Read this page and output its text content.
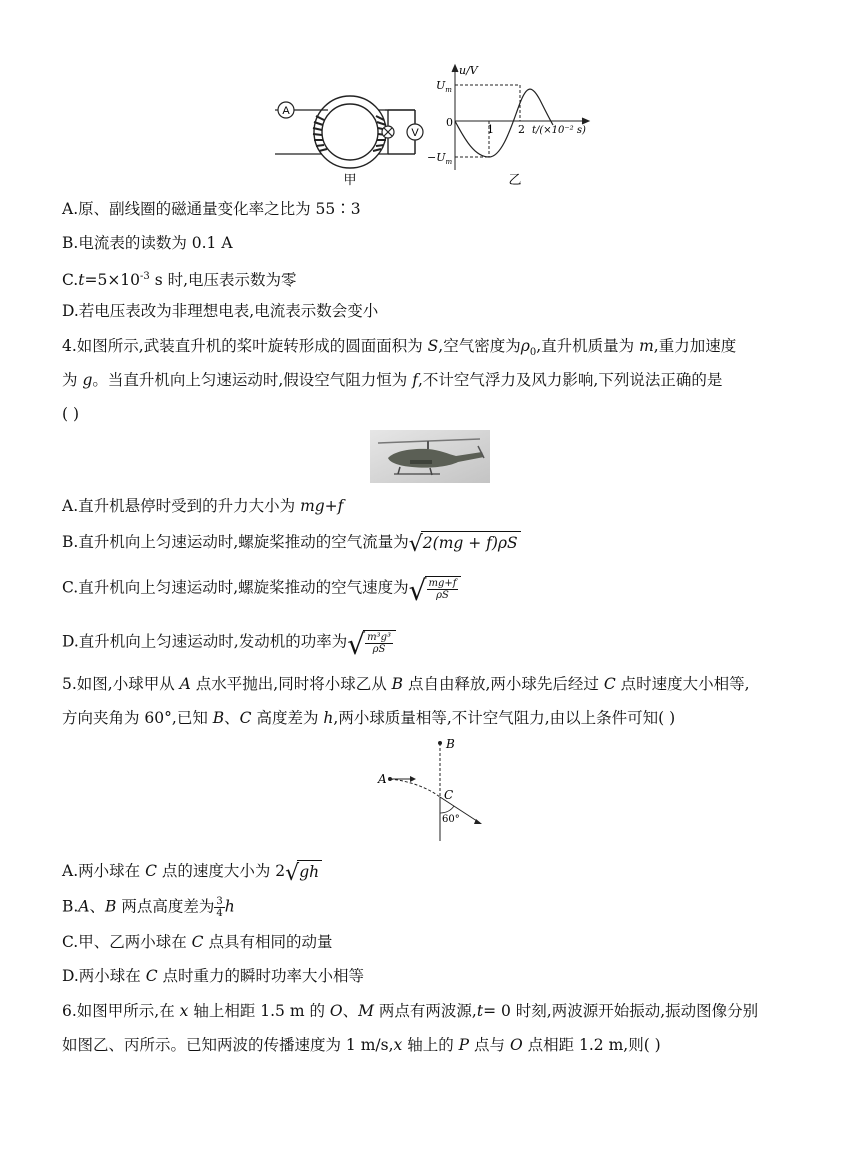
A
V
甲
u/V
$U_m$
$-U_m$
0
1 2 t/(×10⁻² s)
乙
A.原、副线圈的磁通量变化率之比为 55∶3
B.电流表的读数为 0.1 A
$C.t=5\times 10^{-3}$ s 时,电压表示数为零
D.若电压表改为非理想电表,电流表示数会变小
4.如图所示,武装直升机的桨叶旋转形成的圆面面积为 S,空气密度为$\rho_0$,直升机质量为 m,重力加速度
为 g。当直升机向上匀速运动时,假设空气阻力恒为 f,不计空气浮力及风力影响,下列说法正确的是
( )
A.直升机悬停时受到的升力大小为 mg+f
B.直升机向上匀速运动时,螺旋桨推动的空气流量为√2(mg + f)ρS
C.直升机向上匀速运动时,螺旋桨推动的空气速度为√ $\frac{mg+f}{\rho S}$
D.直升机向上匀速运动时,发动机的功率为√ $\frac{\text{m³g³}}{\rho S}$
5.如图,小球甲从 A 点水平抛出,同时将小球乙从 B 点自由释放,两小球先后经过 C 点时速度大小相等,
方向夹角为 60°,已知 B、C 高度差为 h,两小球质量相等,不计空气阻力,由以上条件可知( )
B
A
C
60°
A.两小球在 C 点的速度大小为 2√gh
B.A、B 两点高度差为 $\frac{3}{4}$ h
C.甲、乙两小球在 C 点具有相同的动量
D.两小球在 C 点时重力的瞬时功率大小相等
6.如图甲所示,在 x 轴上相距 1.5 m 的 O、M 两点有两波源,t= 0 时刻,两波源开始振动,振动图像分别
如图乙、丙所示。已知两波的传播速度为 1 m/s,x 轴上的 P 点与 O 点相距 1.2 m,则( )
